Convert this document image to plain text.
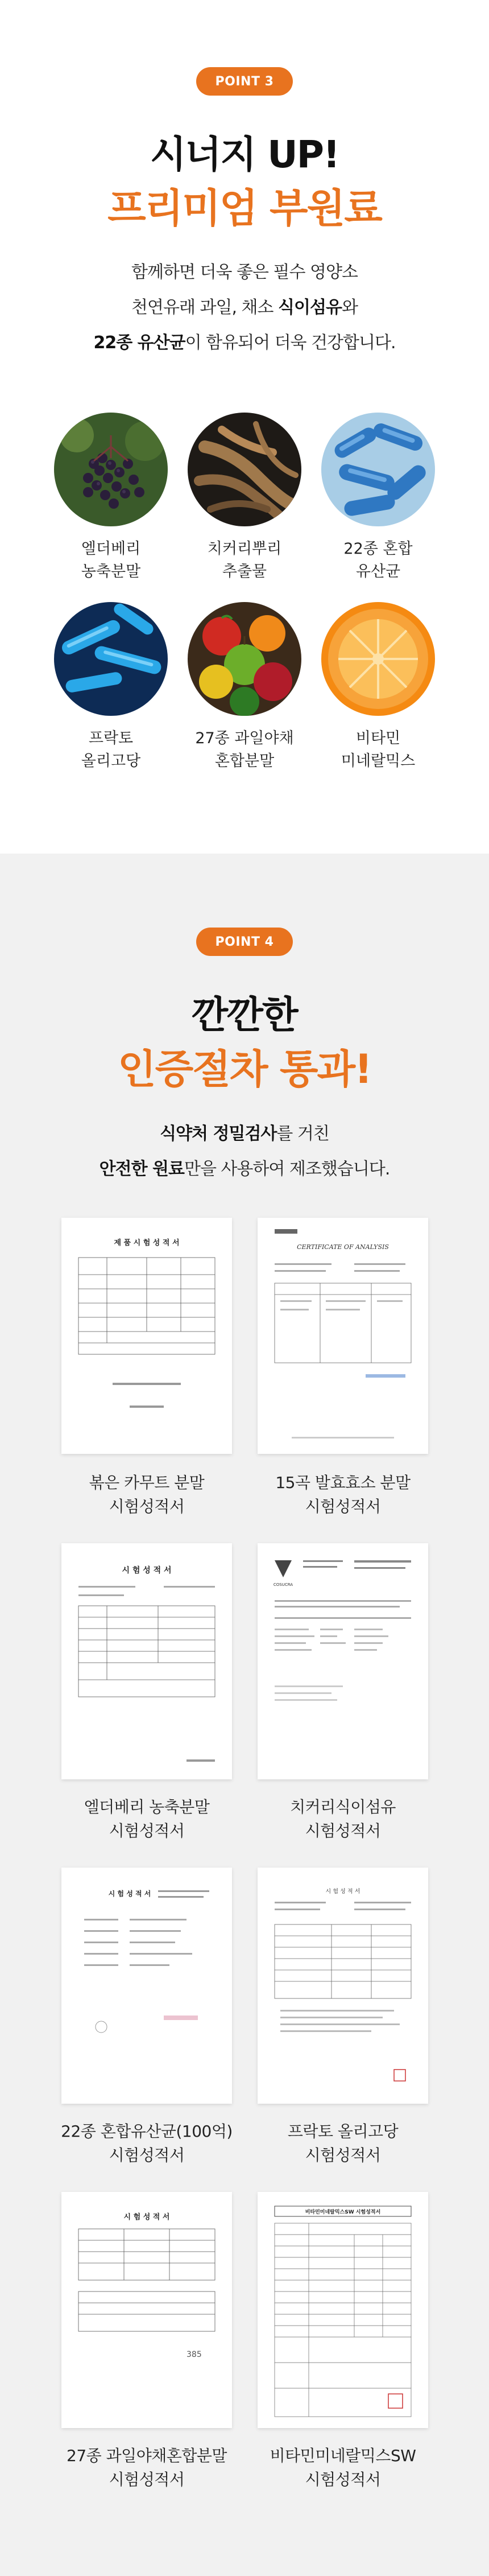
POINT 3
시너지 UP!
프리미엄 부원료
함께하면 더욱 좋은 필수 영양소
천연유래 과일, 채소 식이섬유와
22종 유산균이 함유되어 더욱 건강합니다.
엘더베리
농축분말
치커리뿌리
추출물
22종 혼합
유산균
프락토
올리고당
27종 과일야채
혼합분말
비타민
미네랄믹스
POINT 4
깐깐한
인증절차 통과!
식약처 정밀검사를 거친
안전한 원료만을 사용하여 제조했습니다.
제 품 시 험 성 적 서	CERTIFICATE OF ANALYSIS
볶은 카무트 분말
시험성적서
15곡 발효효소 분말
시험성적서
시 험 성 적 서
COSUCRA
엘더베리 농축분말
시험성적서
치커리식이섬유
시험성적서
시 험 성 적 서	시 험 성 적 서
22종 혼합유산균(100억)
시험성적서
프락토 올리고당
시험성적서
시 험 성 적 서
385
비타민미네랄믹스SW 시험성적서
27종 과일야채혼합분말
시험성적서
비타민미네랄믹스SW
시험성적서
